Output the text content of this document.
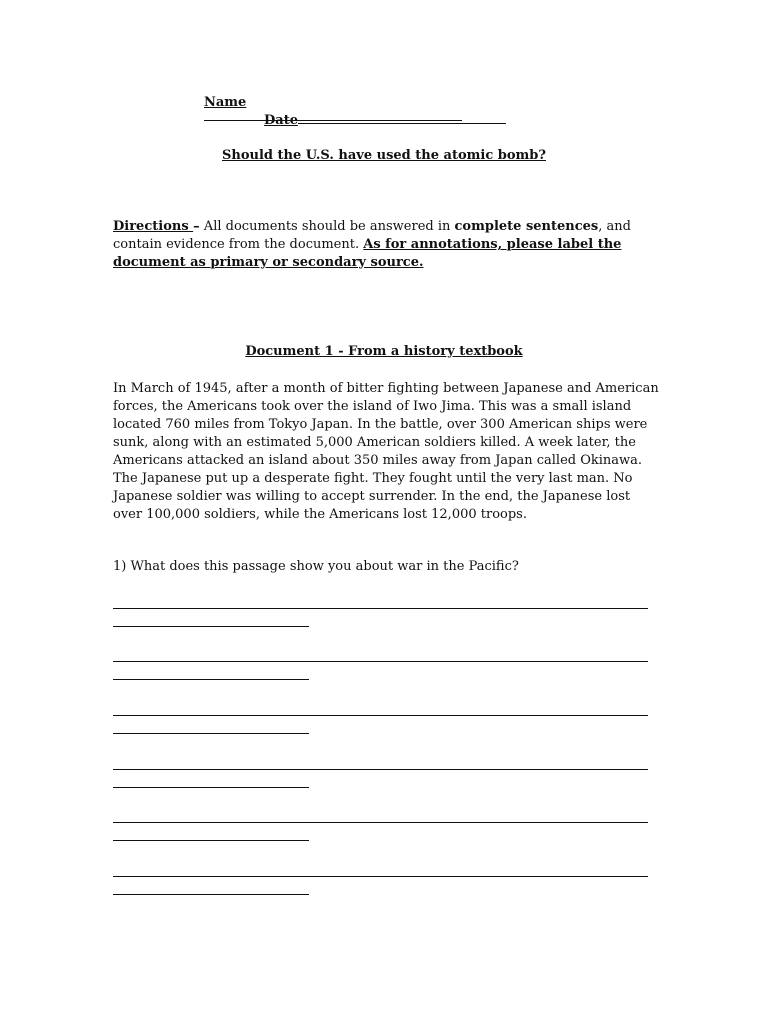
Name
Date
Should the U.S. have used the atomic bomb?
Directions – All documents should be answered in complete sentences, and contain evidence from the document. As for annotations, please label the document as primary or secondary source.
Document 1 - From a history textbook
In March of 1945, after a month of bitter fighting between Japanese and American forces, the Americans took over the island of Iwo Jima. This was a small island located 760 miles from Tokyo Japan. In the battle, over 300 American ships were sunk, along with an estimated 5,000 American soldiers killed. A week later, the Americans attacked an island about 350 miles away from Japan called Okinawa. The Japanese put up a desperate fight. They fought until the very last man. No Japanese soldier was willing to accept surrender. In the end, the Japanese lost over 100,000 soldiers, while the Americans lost 12,000 troops.
1) What does this passage show you about war in the Pacific?
